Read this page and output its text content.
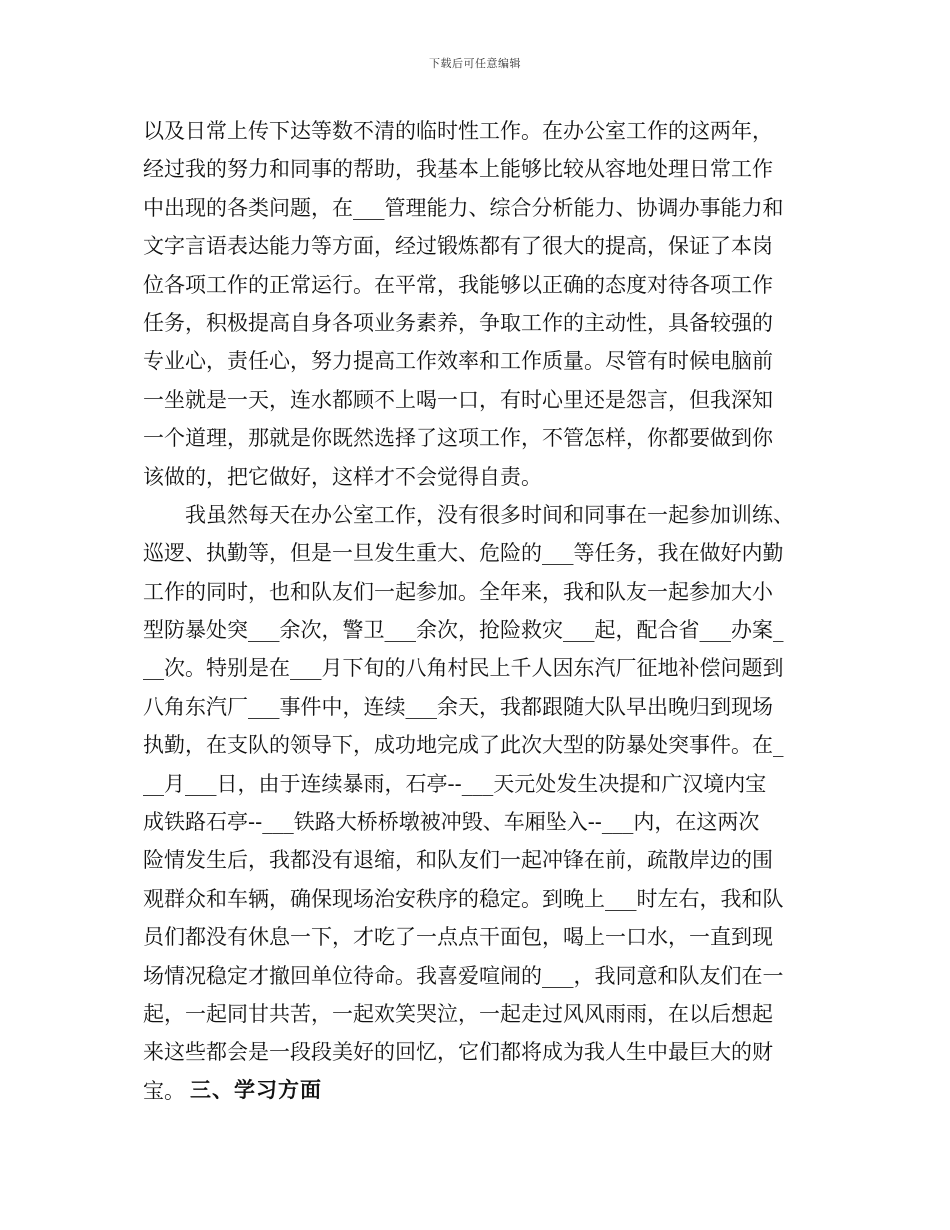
下载后可任意编辑
以及日常上传下达等数不清的临时性工作。在办公室工作的这两年，
经过我的努力和同事的帮助，我基本上能够比较从容地处理日常工作
中出现的各类问题，在___管理能力、综合分析能力、协调办事能力和
文字言语表达能力等方面，经过锻炼都有了很大的提高，保证了本岗
位各项工作的正常运行。在平常，我能够以正确的态度对待各项工作
任务，积极提高自身各项业务素养，争取工作的主动性，具备较强的
专业心，责任心，努力提高工作效率和工作质量。尽管有时候电脑前
一坐就是一天，连水都顾不上喝一口，有时心里还是怨言，但我深知
一个道理，那就是你既然选择了这项工作，不管怎样，你都要做到你
该做的，把它做好，这样才不会觉得自责。
　　我虽然每天在办公室工作，没有很多时间和同事在一起参加训练、
巡逻、执勤等，但是一旦发生重大、危险的___等任务，我在做好内勤
工作的同时，也和队友们一起参加。全年来，我和队友一起参加大小
型防暴处突___余次，警卫___余次，抢险救灾___起，配合省___办案_
__次。特别是在___月下旬的八角村民上千人因东汽厂征地补偿问题到
八角东汽厂___事件中，连续___余天，我都跟随大队早出晚归到现场
执勤，在支队的领导下，成功地完成了此次大型的防暴处突事件。在_
__月___日，由于连续暴雨，石亭--___天元处发生决提和广汉境内宝
成铁路石亭--___铁路大桥桥墩被冲毁、车厢坠入--___内，在这两次
险情发生后，我都没有退缩，和队友们一起冲锋在前，疏散岸边的围
观群众和车辆，确保现场治安秩序的稳定。到晚上___时左右，我和队
员们都没有休息一下，才吃了一点点干面包，喝上一口水，一直到现
场情况稳定才撤回单位待命。我喜爱喧闹的___，我同意和队友们在一
起，一起同甘共苦，一起欢笑哭泣，一起走过风风雨雨，在以后想起
来这些都会是一段段美好的回忆，它们都将成为我人生中最巨大的财
宝。 三、学习方面
